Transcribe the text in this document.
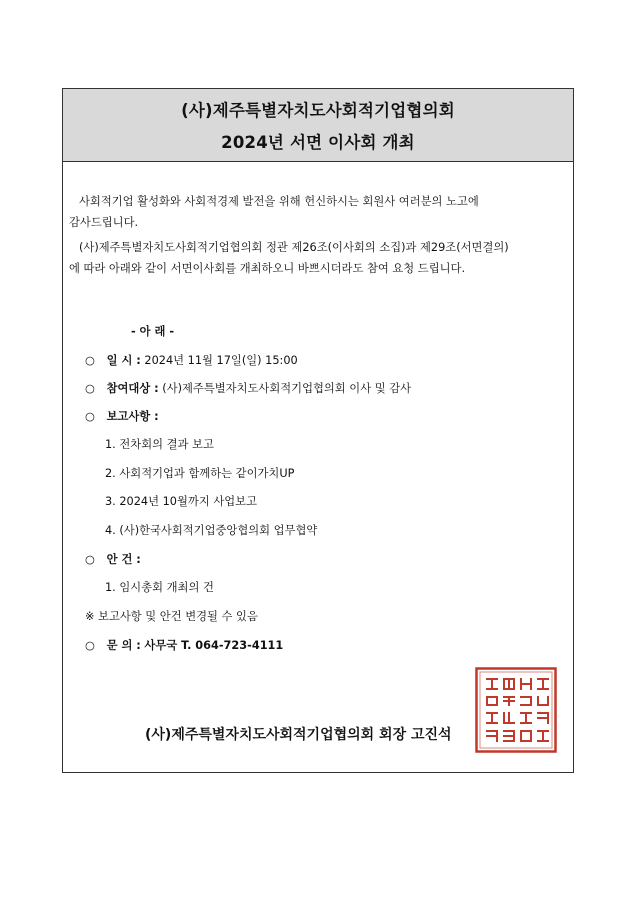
(사)제주특별자치도사회적기업협의회
2024년 서면 이사회 개최
사회적기업 활성화와 사회적경제 발전을 위해 헌신하시는 회원사 여러분의 노고에
감사드립니다.
(사)제주특별자치도사회적기업협의회 정관 제26조(이사회의 소집)과 제29조(서면결의)
에 따라 아래와 같이 서면이사회를 개최하오니 바쁘시더라도 참여 요청 드립니다.
- 아 래 -
○ 일 시 : 2024년 11월 17일(일) 15:00
○ 참여대상 : (사)제주특별자치도사회적기업협의회 이사 및 감사
○ 보고사항 :
1. 전차회의 결과 보고
2. 사회적기업과 함께하는 같이가치UP
3. 2024년 10월까지 사업보고
4. (사)한국사회적기업중앙협의회 업무협약
○ 안 건 :
1. 임시총회 개최의 건
※ 보고사항 및 안건 변경될 수 있음
○ 문 의 : 사무국 T. 064-723-4111
(사)제주특별자치도사회적기업협의회 회장 고진석
